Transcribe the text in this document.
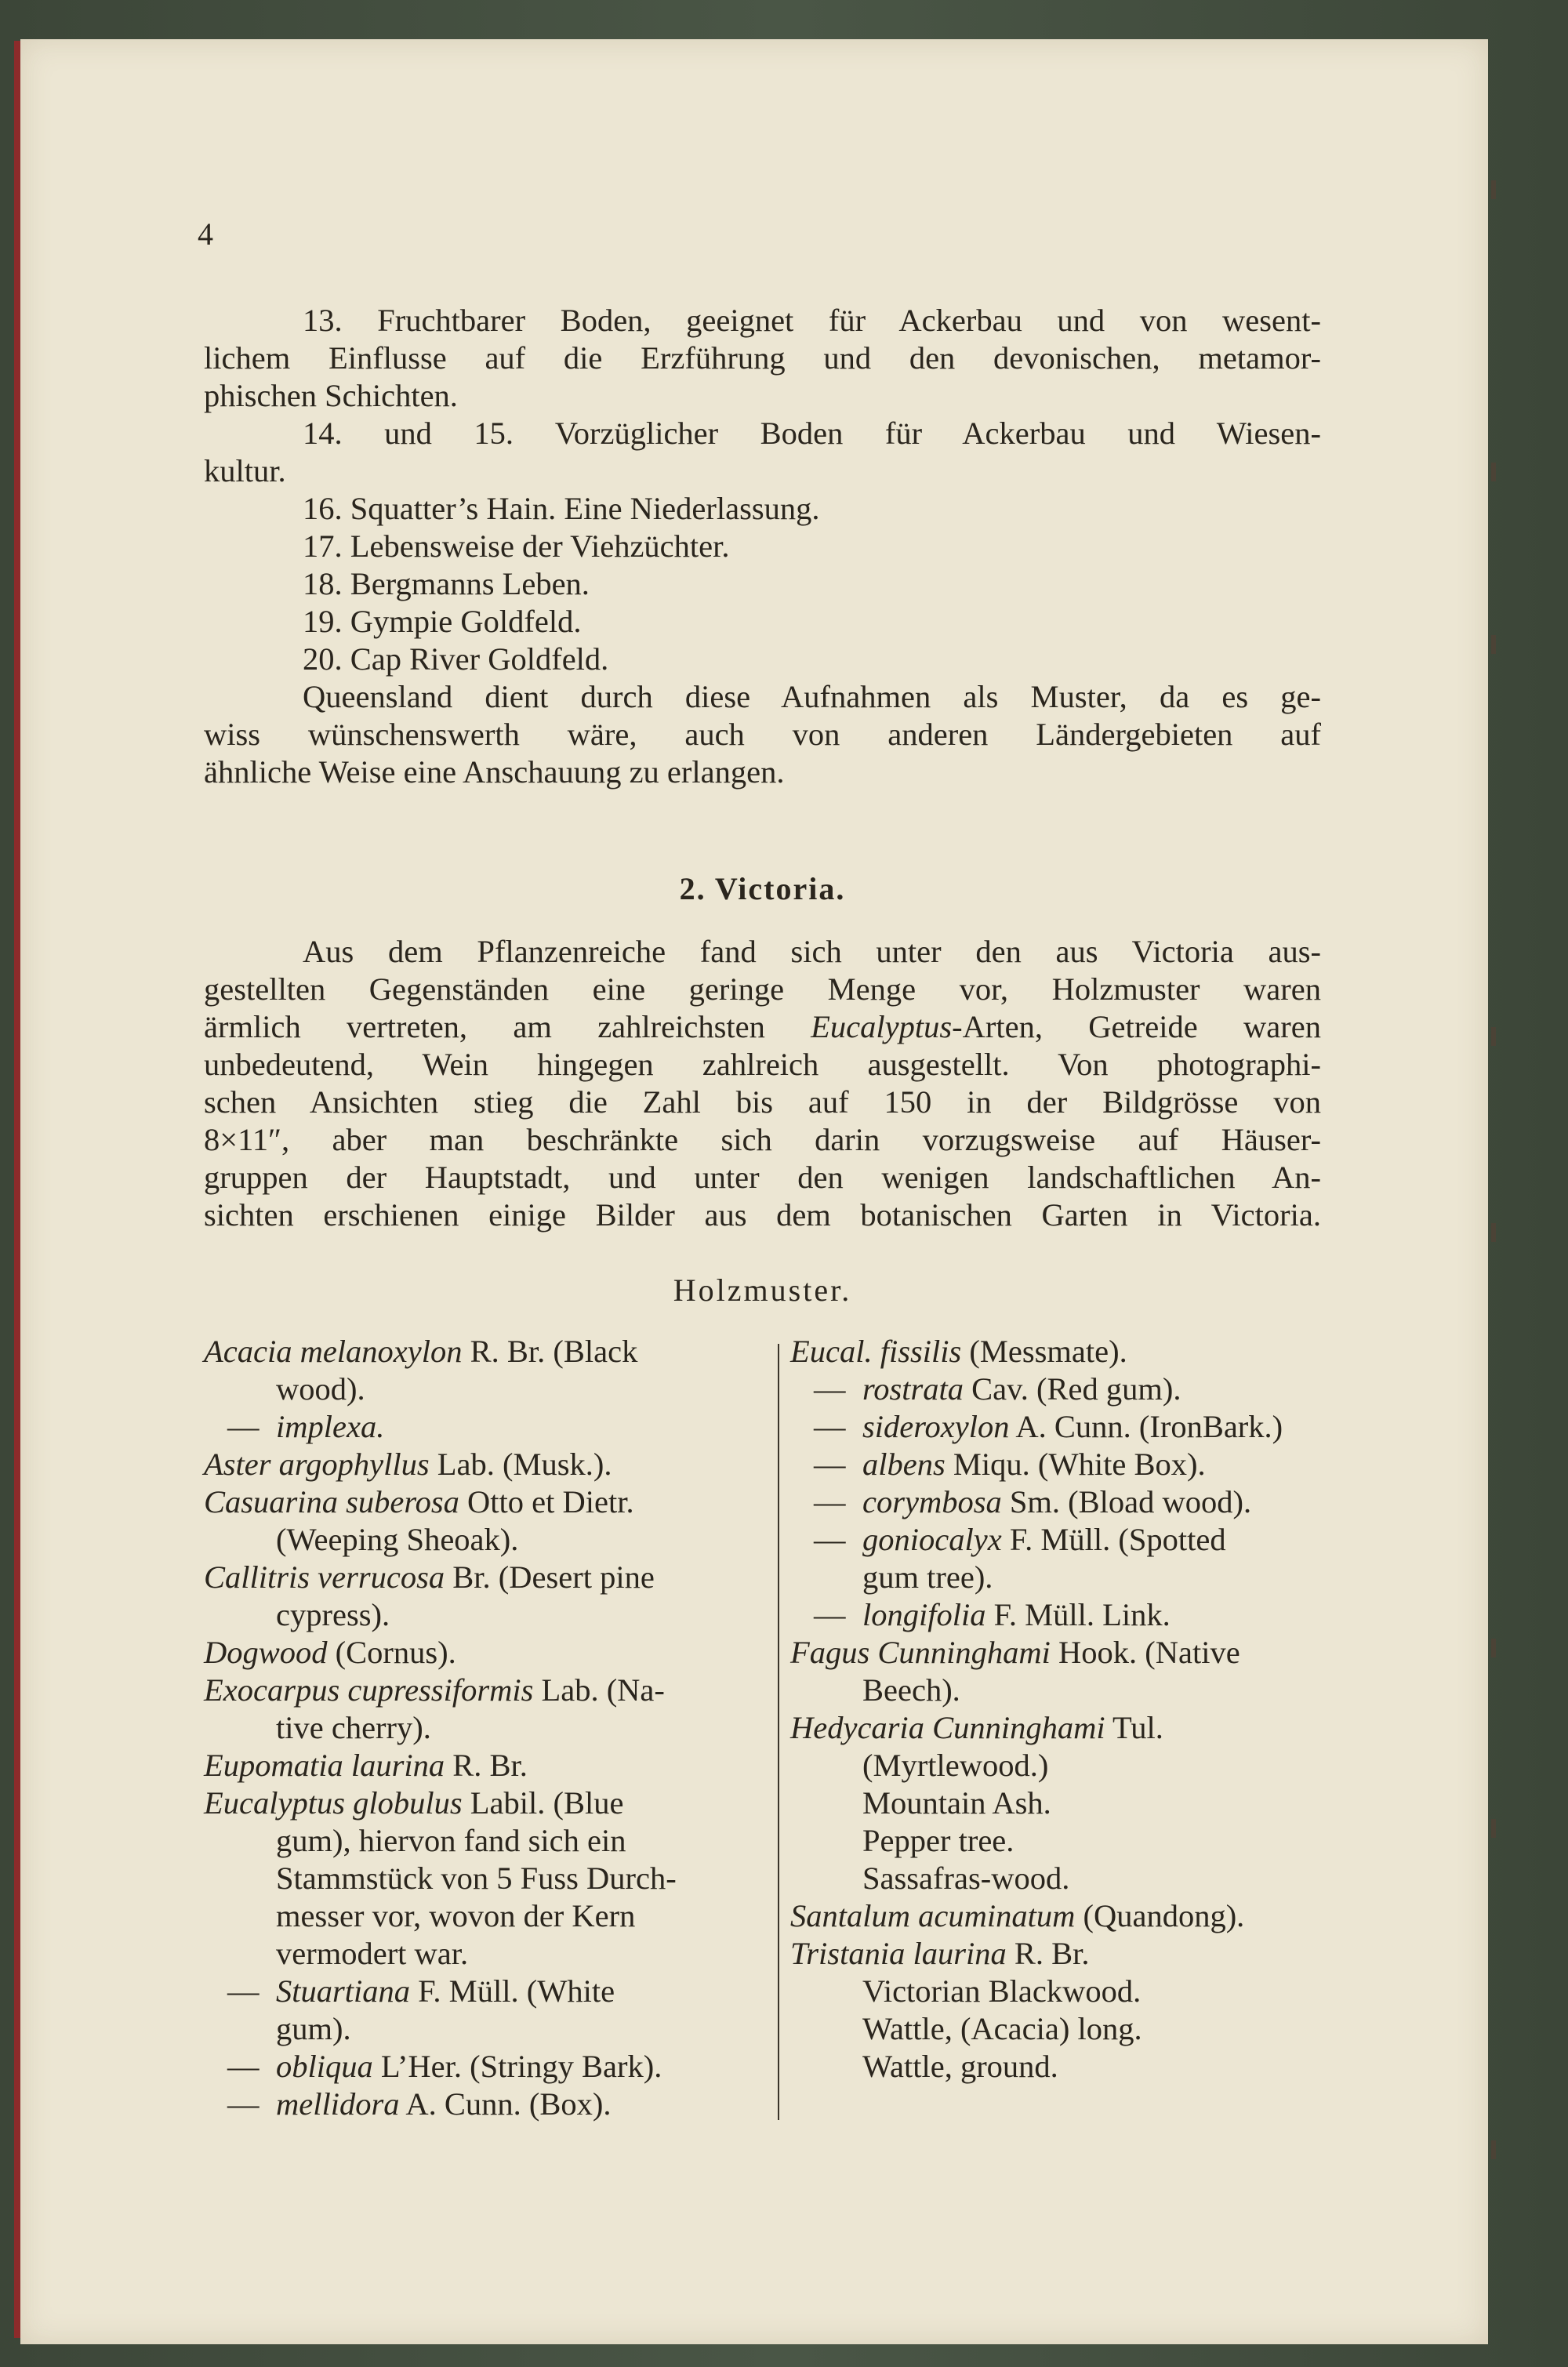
4

13. Fruchtbarer Boden, geeignet für Ackerbau und von wesent-
lichem Einflusse auf die Erzführung und den devonischen, metamor-
phischen Schichten.

14. und 15. Vorzüglicher Boden für Ackerbau und Wiesen-
kultur.

16. Squatter’s Hain. Eine Niederlassung.

17. Lebensweise der Viehzüchter.

18. Bergmanns Leben.

19. Gympie Goldfeld.

20. Cap River Goldfeld.

Queensland dient durch diese Aufnahmen als Muster, da es ge-
wiss wünschenswerth wäre, auch von anderen Ländergebieten auf
ähnliche Weise eine Anschauung zu erlangen.

2. Victoria.

Aus dem Pflanzenreiche fand sich unter den aus Victoria aus-
gestellten Gegenständen eine geringe Menge vor, Holzmuster waren
ärmlich vertreten, am zahlreichsten Eucalyptus-Arten, Getreide waren
unbedeutend, Wein hingegen zahlreich ausgestellt. Von photographi-
schen Ansichten stieg die Zahl bis auf 150 in der Bildgrösse von
8×11″, aber man beschränkte sich darin vorzugsweise auf Häuser-
gruppen der Hauptstadt, und unter den wenigen landschaftlichen An-
sichten erschienen einige Bilder aus dem botanischen Garten in Victoria.

Holzmuster.
Acacia melanoxylon R. Br. (Black
wood).
— implexa.
Aster argophyllus Lab. (Musk.).
Casuarina suberosa Otto et Dietr.
(Weeping Sheoak).
Callitris verrucosa Br. (Desert pine
cypress).
Dogwood (Cornus).
Exocarpus cupressiformis Lab. (Na-
tive cherry).
Eupomatia laurina R. Br.
Eucalyptus globulus Labil. (Blue
gum), hiervon fand sich ein
Stammstück von 5 Fuss Durch-
messer vor, wovon der Kern
vermodert war.
— Stuartiana F. Müll. (White
gum).
— obliqua L’Her. (Stringy Bark).
— mellidora A. Cunn. (Box).
Eucal. fissilis (Messmate).
— rostrata Cav. (Red gum).
— sideroxylon A. Cunn. (IronBark.)
— albens Miqu. (White Box).
— corymbosa Sm. (Bload wood).
— goniocalyx F. Müll. (Spotted
gum tree).
— longifolia F. Müll. Link.
Fagus Cunninghami Hook. (Native
Beech).
Hedycaria Cunninghami Tul.
(Myrtlewood.)
Mountain Ash.
Pepper tree.
Sassafras-wood.
Santalum acuminatum (Quandong).
Tristania laurina R. Br.
Victorian Blackwood.
Wattle, (Acacia) long.
Wattle, ground.
